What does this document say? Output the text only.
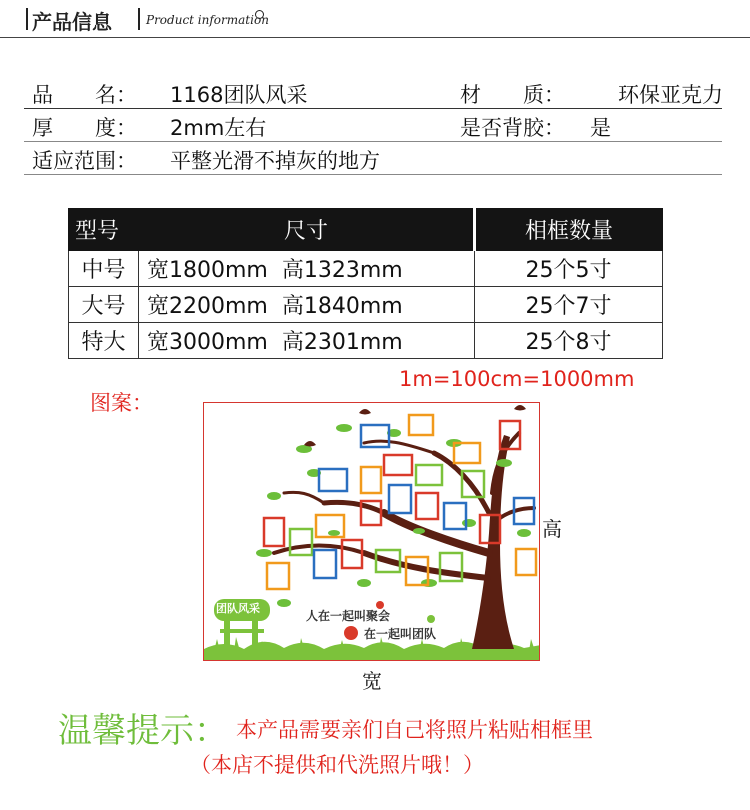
产品信息	Product information
品　　名： 1168团队风采	材　　质：	环保亚克力
厚　　度： 2mm左右	是否背胶： 是
适应范围： 平整光滑不掉灰的地方
型号	尺寸	相框数量
中号	宽1800mm  高1323mm	25个5寸
大号	宽2200mm  高1840mm	25个7寸
特大	宽3000mm  高2301mm	25个8寸
1m=100cm=1000mm
图案：
团队风采
人在一起叫聚会
在一起叫团队
高
宽
温馨提示： 本产品需要亲们自己将照片粘贴相框里
（本店不提供和代洗照片哦！）
